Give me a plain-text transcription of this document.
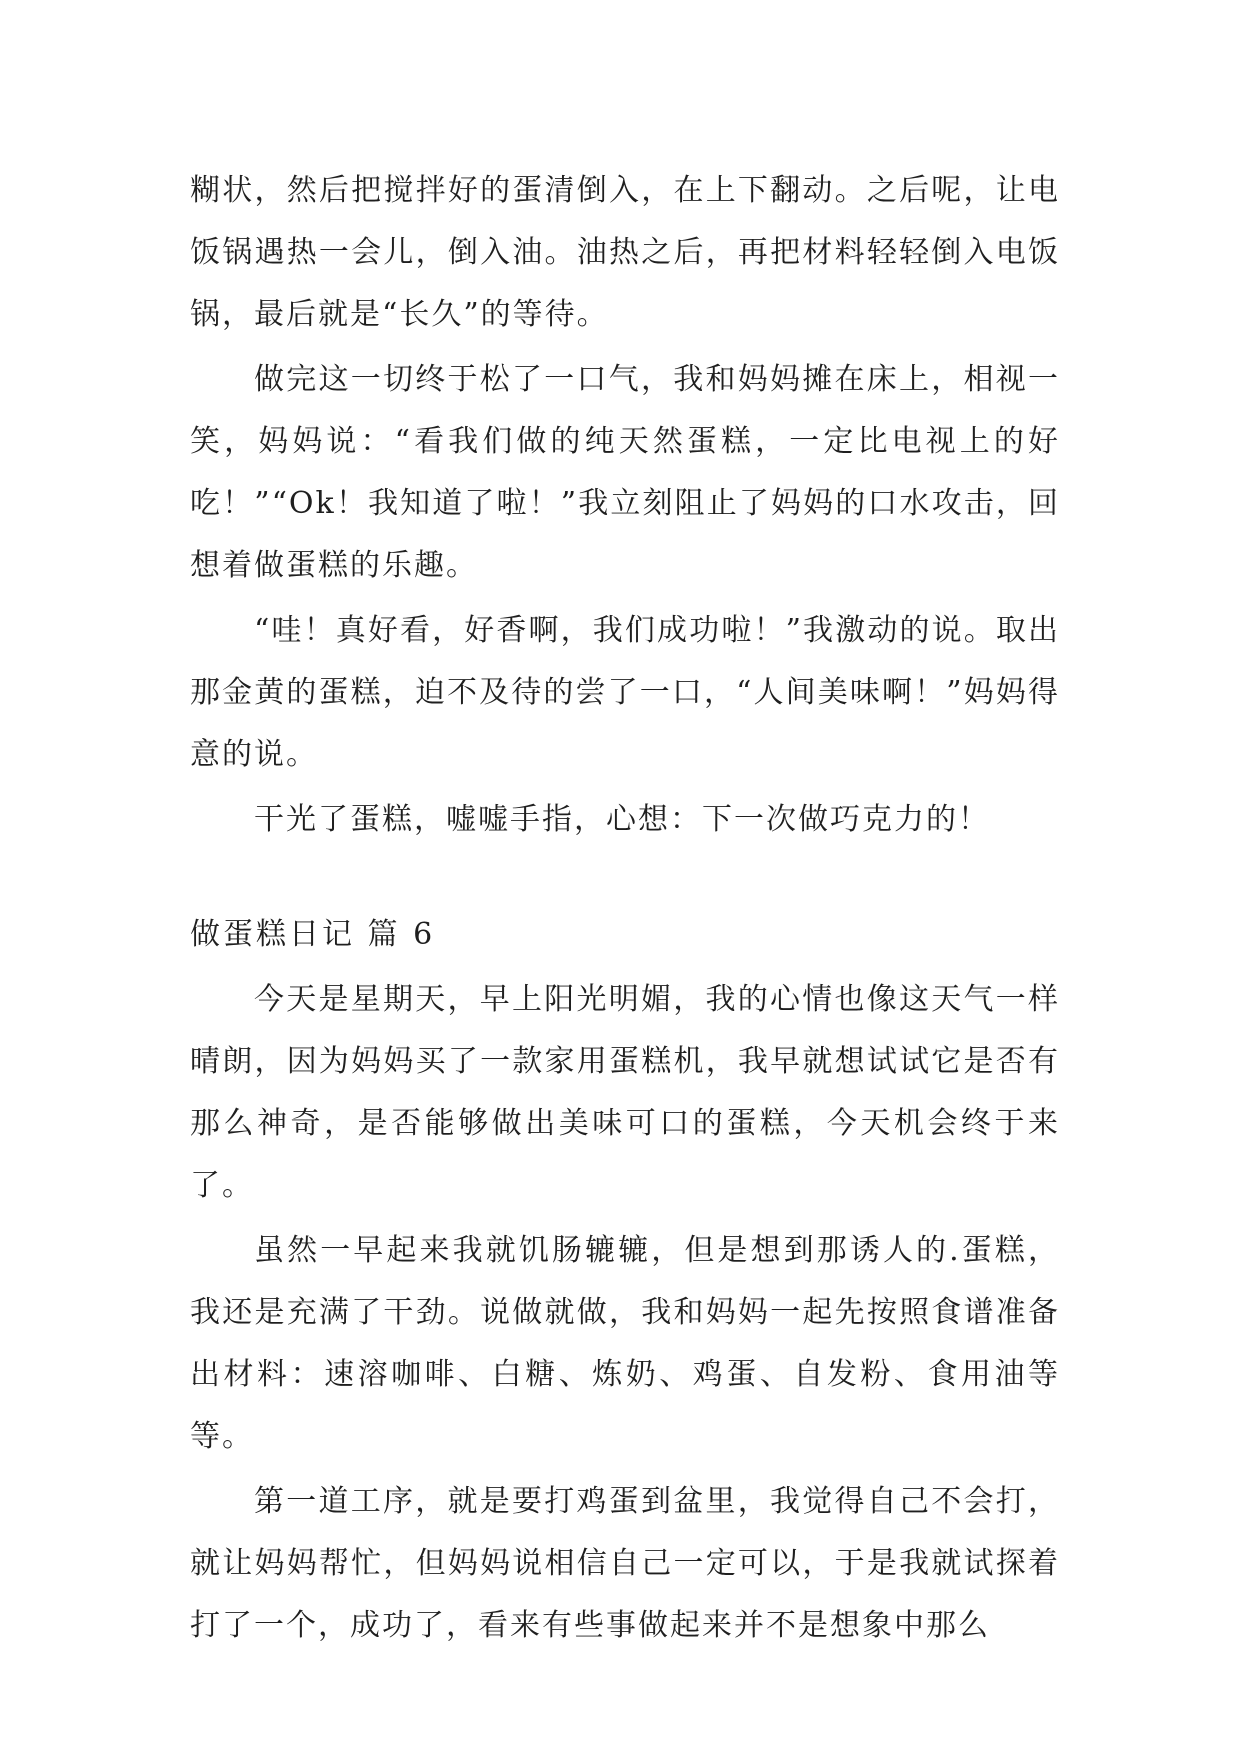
糊状，然后把搅拌好的蛋清倒入，在上下翻动。之后呢，让电饭锅遇热一会儿，倒入油。油热之后，再把材料轻轻倒入电饭锅，最后就是“长久”的等待。

做完这一切终于松了一口气，我和妈妈摊在床上，相视一笑，妈妈说：“看我们做的纯天然蛋糕，一定比电视上的好吃！”“Ok！我知道了啦！”我立刻阻止了妈妈的口水攻击，回想着做蛋糕的乐趣。

“哇！真好看，好香啊，我们成功啦！”我激动的说。取出那金黄的蛋糕，迫不及待的尝了一口，“人间美味啊！”妈妈得意的说。

干光了蛋糕，嘘嘘手指，心想：下一次做巧克力的！

做蛋糕日记 篇 6

今天是星期天，早上阳光明媚，我的心情也像这天气一样晴朗，因为妈妈买了一款家用蛋糕机，我早就想试试它是否有那么神奇，是否能够做出美味可口的蛋糕，今天机会终于来了。

虽然一早起来我就饥肠辘辘，但是想到那诱人的.蛋糕，我还是充满了干劲。说做就做，我和妈妈一起先按照食谱准备出材料：速溶咖啡、白糖、炼奶、鸡蛋、自发粉、食用油等等。

第一道工序，就是要打鸡蛋到盆里，我觉得自己不会打，就让妈妈帮忙，但妈妈说相信自己一定可以，于是我就试探着打了一个，成功了，看来有些事做起来并不是想象中那么
